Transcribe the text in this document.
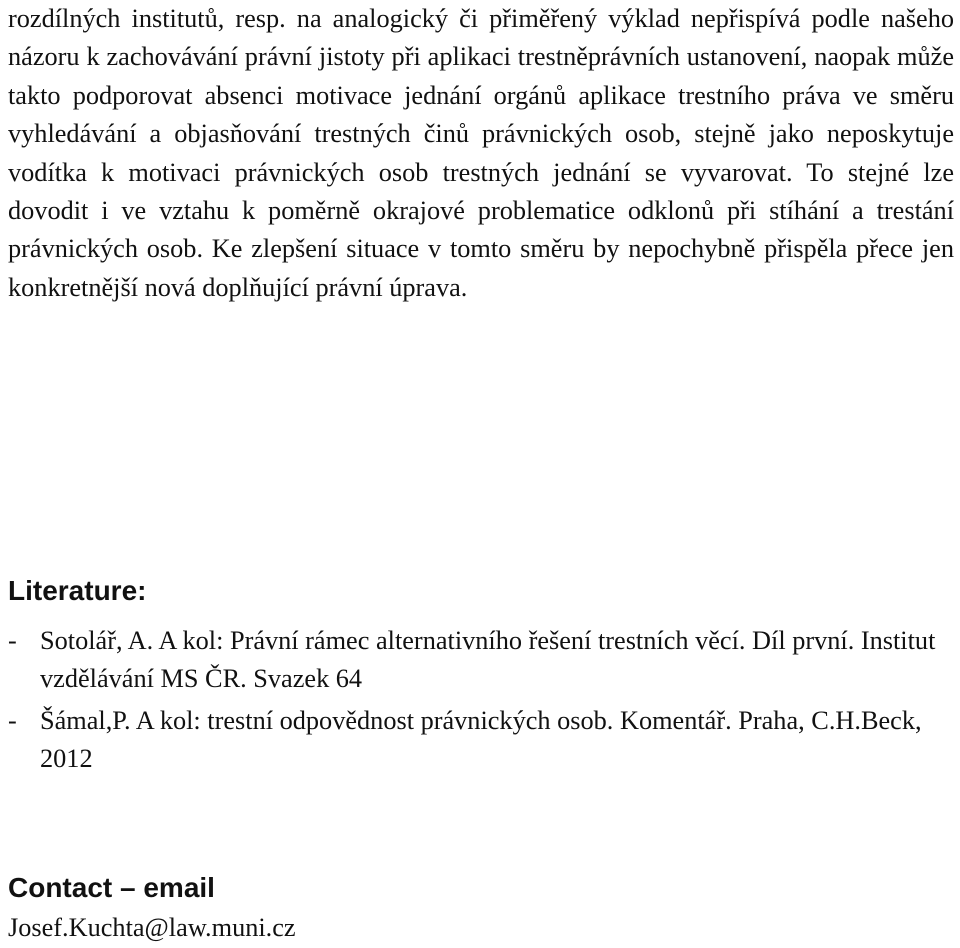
rozdílných institutů, resp. na analogický či přiměřený výklad nepřispívá podle našeho názoru k zachovávání právní jistoty při aplikaci trestněprávních ustanovení, naopak může takto podporovat absenci motivace jednání orgánů aplikace trestního práva ve směru vyhledávání a objasňování trestných činů právnických osob, stejně jako neposkytuje vodítka k motivaci právnických osob trestných jednání se vyvarovat. To stejné lze dovodit i ve vztahu k poměrně okrajové problematice odklonů při stíhání a trestání právnických osob. Ke zlepšení situace v tomto směru by nepochybně přispěla přece jen konkretnější nová doplňující právní úprava.

Literature:
- Sotolář, A. A kol: Právní rámec alternativního řešení trestních věcí. Díl první. Institut vzdělávání MS ČR. Svazek 64
- Šámal,P. A kol: trestní odpovědnost právnických osob. Komentář. Praha, C.H.Beck, 2012
Contact – email

Josef.Kuchta@law.muni.cz
